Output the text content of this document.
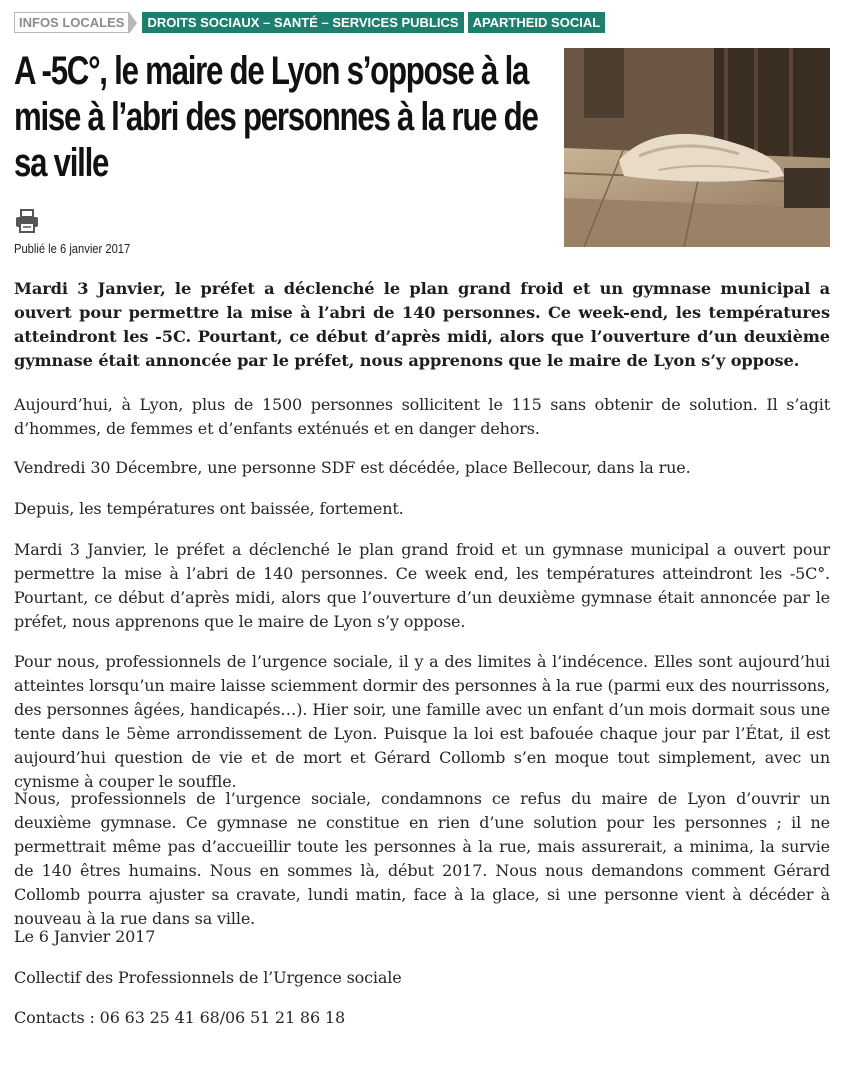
INFOS LOCALES	DROITS SOCIAUX – SANTÉ – SERVICES PUBLICS	APARTHEID SOCIAL
A -5C°, le maire de Lyon s’oppose à la mise à l’abri des personnes à la rue de sa ville
Publié le 6 janvier 2017

Mardi 3 Janvier, le préfet a déclenché le plan grand froid et un gymnase municipal a ouvert pour permettre la mise à l’abri de 140 personnes. Ce week-end, les températures atteindront les -5C. Pourtant, ce début d’après midi, alors que l’ouverture d’un deuxième gymnase était annoncée par le préfet, nous apprenons que le maire de Lyon s’y oppose.

Aujourd’hui, à Lyon, plus de 1500 personnes sollicitent le 115 sans obtenir de solution. Il s’agit d’hommes, de femmes et d’enfants exténués et en danger dehors.

Vendredi 30 Décembre, une personne SDF est décédée, place Bellecour, dans la rue.

Depuis, les températures ont baissée, fortement.

Mardi 3 Janvier, le préfet a déclenché le plan grand froid et un gymnase municipal a ouvert pour permettre la mise à l’abri de 140 personnes. Ce week end, les températures atteindront les -5C°. Pourtant, ce début d’après midi, alors que l’ouverture d’un deuxième gymnase était annoncée par le préfet, nous apprenons que le maire de Lyon s’y oppose.

Pour nous, professionnels de l’urgence sociale, il y a des limites à l’indécence. Elles sont aujourd’hui atteintes lorsqu’un maire laisse sciemment dormir des personnes à la rue (parmi eux des nourrissons, des personnes âgées, handicapés…). Hier soir, une famille avec un enfant d’un mois dormait sous une tente dans le 5ème arrondissement de Lyon. Puisque la loi est bafouée chaque jour par l’État, il est aujourd’hui question de vie et de mort et Gérard Collomb s’en moque tout simplement, avec un cynisme à couper le souffle.

Nous, professionnels de l’urgence sociale, condamnons ce refus du maire de Lyon d’ouvrir un deuxième gymnase. Ce gymnase ne constitue en rien d’une solution pour les personnes ; il ne permettrait même pas d’accueillir toute les personnes à la rue, mais assurerait, a minima, la survie de 140 êtres humains. Nous en sommes là, début 2017. Nous nous demandons comment Gérard Collomb pourra ajuster sa cravate, lundi matin, face à la glace, si une personne vient à décéder à nouveau à la rue dans sa ville.

Le 6 Janvier 2017

Collectif des Professionnels de l’Urgence sociale

Contacts : 06 63 25 41 68/06 51 21 86 18
